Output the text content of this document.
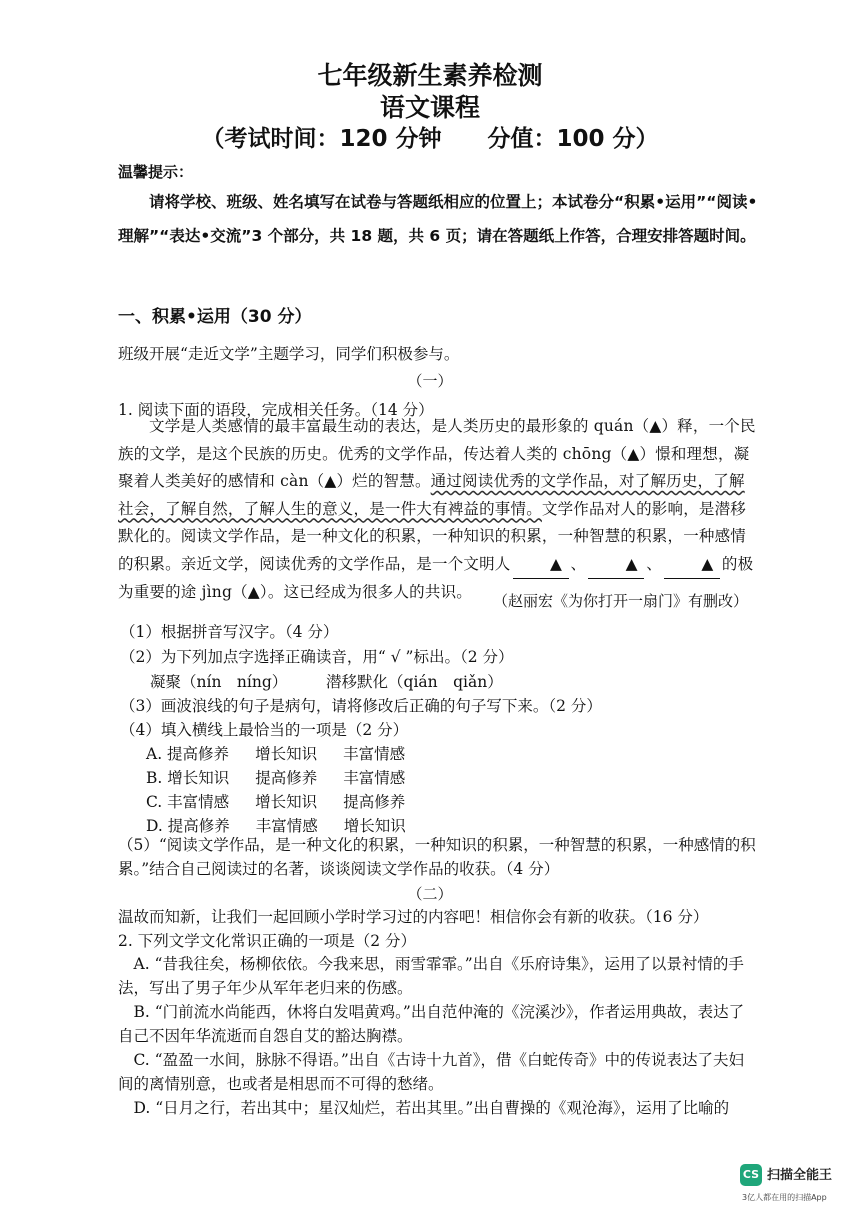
七年级新生素养检测
语文课程
（考试时间：120 分钟　　分值：100 分）
温馨提示：
请将学校、班级、姓名填写在试卷与答题纸相应的位置上；本试卷分“积累•运用”“阅读•理解”“表达•交流”3 个部分，共 18 题，共 6 页；请在答题纸上作答，合理安排答题时间。
一、积累•运用（30 分）
班级开展“走近文学”主题学习，同学们积极参与。
（一）
1. 阅读下面的语段，完成相关任务。（14 分）
文学是人类感情的最丰富最生动的表达，是人类历史的最形象的 quán（▲）释，一个民族的文学，是这个民族的历史。优秀的文学作品，传达着人类的 chōng（▲）憬和理想，凝聚着人类美好的感情和 càn（▲）烂的智慧。通过阅读优秀的文学作品，对了解历史，了解社会，了解自然，了解人生的意义，是一件大有裨益的事情。文学作品对人的影响，是潜移默化的。阅读文学作品，是一种文化的积累，一种知识的积累，一种智慧的积累，一种感情的积累。亲近文学，阅读优秀的文学作品，是一个文明人	▲ 、	▲ 、	▲ 的极为重要的途 jìng（▲）。这已经成为很多人的共识。	（赵丽宏《为你打开一扇门》有删改）
（1）根据拼音写汉字。（4 分）
（2）为下列加点字选择正确读音，用“ √ ”标出。（2 分）
凝聚（nín　níng）　　　潜移默化（qián　qiǎn）
（3）画波浪线的句子是病句，请将修改后正确的句子写下来。（2 分）
（4）填入横线上最恰当的一项是（2 分）
A. 提高修养 增长知识 丰富情感
B. 增长知识 提高修养 丰富情感
C. 丰富情感 增长知识 提高修养
D. 提高修养 丰富情感 增长知识
（5）“阅读文学作品，是一种文化的积累，一种知识的积累，一种智慧的积累，一种感情的积累。”结合自己阅读过的名著，谈谈阅读文学作品的收获。（4 分）
（二）
温故而知新，让我们一起回顾小学时学习过的内容吧！相信你会有新的收获。（16 分）
2. 下列文学文化常识正确的一项是（2 分）
A. “昔我往矣，杨柳依依。今我来思，雨雪霏霏。”出自《乐府诗集》，运用了以景衬情的手法，写出了男子年少从军年老归来的伤感。
B. “门前流水尚能西，休将白发唱黄鸡。”出自范仲淹的《浣溪沙》，作者运用典故，表达了自己不因年华流逝而自怨自艾的豁达胸襟。
C. “盈盈一水间，脉脉不得语。”出自《古诗十九首》，借《白蛇传奇》中的传说表达了夫妇间的离情别意，也或者是相思而不可得的愁绪。
D. “日月之行，若出其中；星汉灿烂，若出其里。”出自曹操的《观沧海》，运用了比喻的
CS 扫描全能王
3亿人都在用的扫描App
